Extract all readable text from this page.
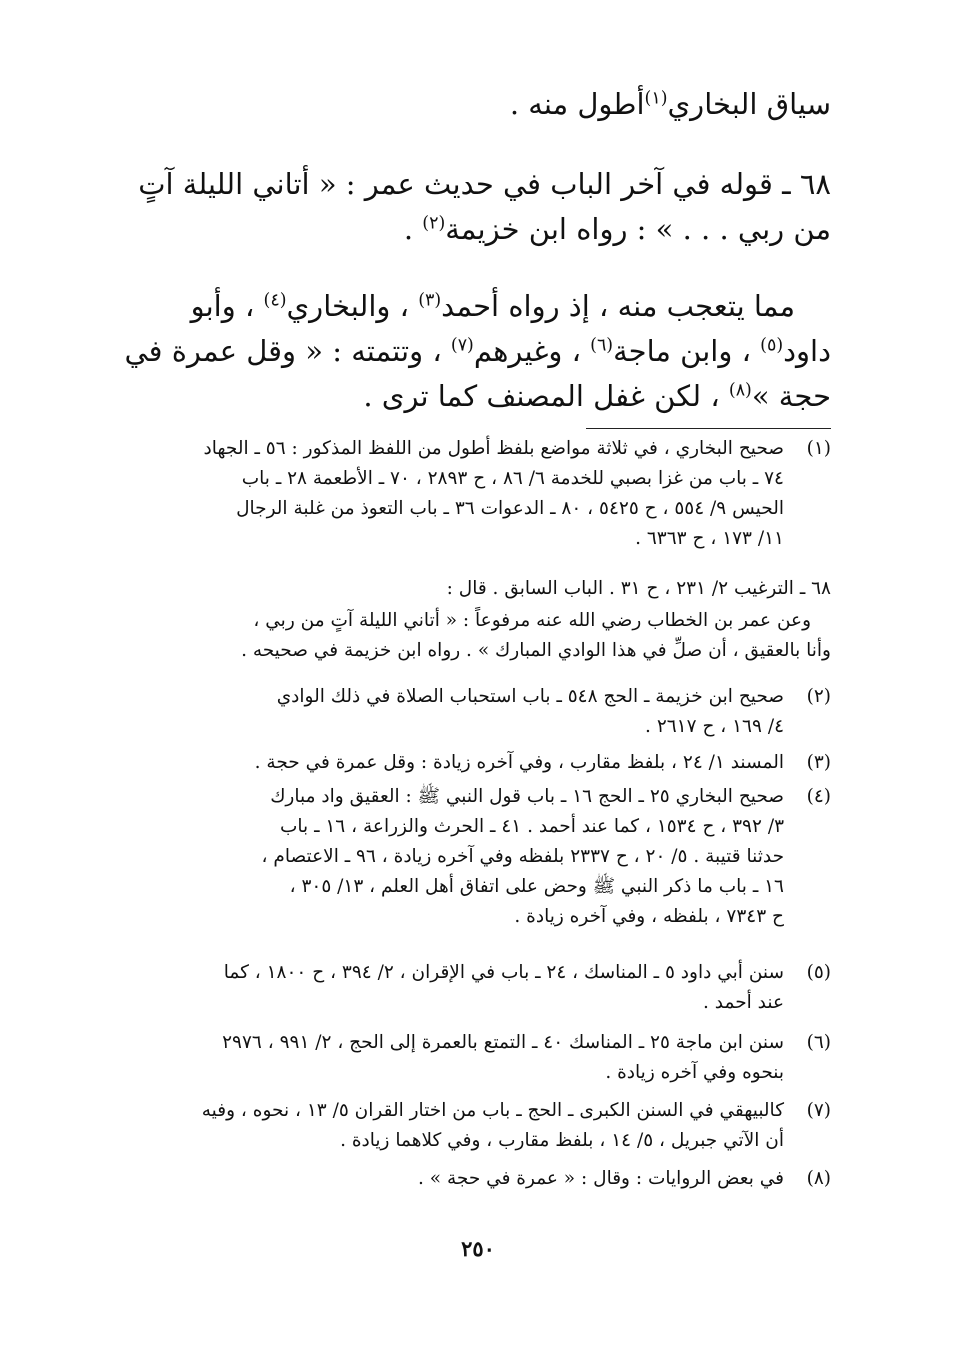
سياق البخاري$^{(١)}$أطول منه .
٦٨ ـ قوله في آخر الباب في حديث عمر : « أتاني الليلة آتٍ
من ربي . . . » : رواه ابن خزيمة$^{(٢)}$ .
مما يتعجب منه ، إذ رواه أحمد$^{(٣)}$ ، والبخاري$^{(٤)}$ ، وأبو
داود$^{(٥)}$ ، وابن ماجة$^{(٦)}$ ، وغيرهم$^{(٧)}$ ، وتتمته : « وقل عمرة في
حجة »$^{(٨)}$ ، لكن غفل المصنف كما ترى .
(١)
صحيح البخاري ، في ثلاثة مواضع بلفظ أطول من اللفظ المذكور : ٥٦ ـ الجهاد
٧٤ ـ باب من غزا بصبي للخدمة ٦/ ٨٦ ، ح ٢٨٩٣ ، ٧٠ ـ الأطعمة ٢٨ ـ باب
الحيس ٩/ ٥٥٤ ، ح ٥٤٢٥ ، ٨٠ ـ الدعوات ٣٦ ـ باب التعوذ من غلبة الرجال
١١/ ١٧٣ ، ح ٦٣٦٣ .
٦٨ ـ الترغيب ٢/ ٢٣١ ، ح ٣١ . الباب السابق . قال :
وعن عمر بن الخطاب رضي الله عنه مرفوعاً : « أتاني الليلة آتٍ من ربي ،
وأنا بالعقيق ، أن صلِّ في هذا الوادي المبارك » . رواه ابن خزيمة في صحيحه .
(٢)
صحيح ابن خزيمة ـ الحج ٥٤٨ ـ باب استحباب الصلاة في ذلك الوادي
٤/ ١٦٩ ، ح ٢٦١٧ .
(٣)
المسند ١/ ٢٤ ، بلفظ مقارب ، وفي آخره زيادة : وقل عمرة في حجة .
(٤)
صحيح البخاري ٢٥ ـ الحج ١٦ ـ باب قول النبي ﷺ : العقيق واد مبارك
٣/ ٣٩٢ ، ح ١٥٣٤ ، كما عند أحمد . ٤١ ـ الحرث والزراعة ، ١٦ ـ باب
حدثنا قتيبة . ٥/ ٢٠ ، ح ٢٣٣٧ بلفظه وفي آخره زيادة ، ٩٦ ـ الاعتصام ،
١٦ ـ باب ما ذكر النبي ﷺ وحض على اتفاق أهل العلم ، ١٣/ ٣٠٥ ،
ح ٧٣٤٣ ، بلفظه ، وفي آخره زيادة .
(٥)
سنن أبي داود ٥ ـ المناسك ، ٢٤ ـ باب في الإقران ، ٢/ ٣٩٤ ، ح ١٨٠٠ ، كما
عند أحمد .
(٦)
سنن ابن ماجة ٢٥ ـ المناسك ٤٠ ـ التمتع بالعمرة إلى الحج ، ٢/ ٩٩١ ، ٢٩٧٦
بنحوه وفي آخره زيادة .
(٧)
كالبيهقي في السنن الكبرى ـ الحج ـ باب من اختار القران ٥/ ١٣ ، نحوه ، وفيه
أن الآتي جبريل ، ٥/ ١٤ ، بلفظ مقارب ، وفي كلاهما زيادة .
(٨)
في بعض الروايات : وقال : « عمرة في حجة » .
٢٥٠
